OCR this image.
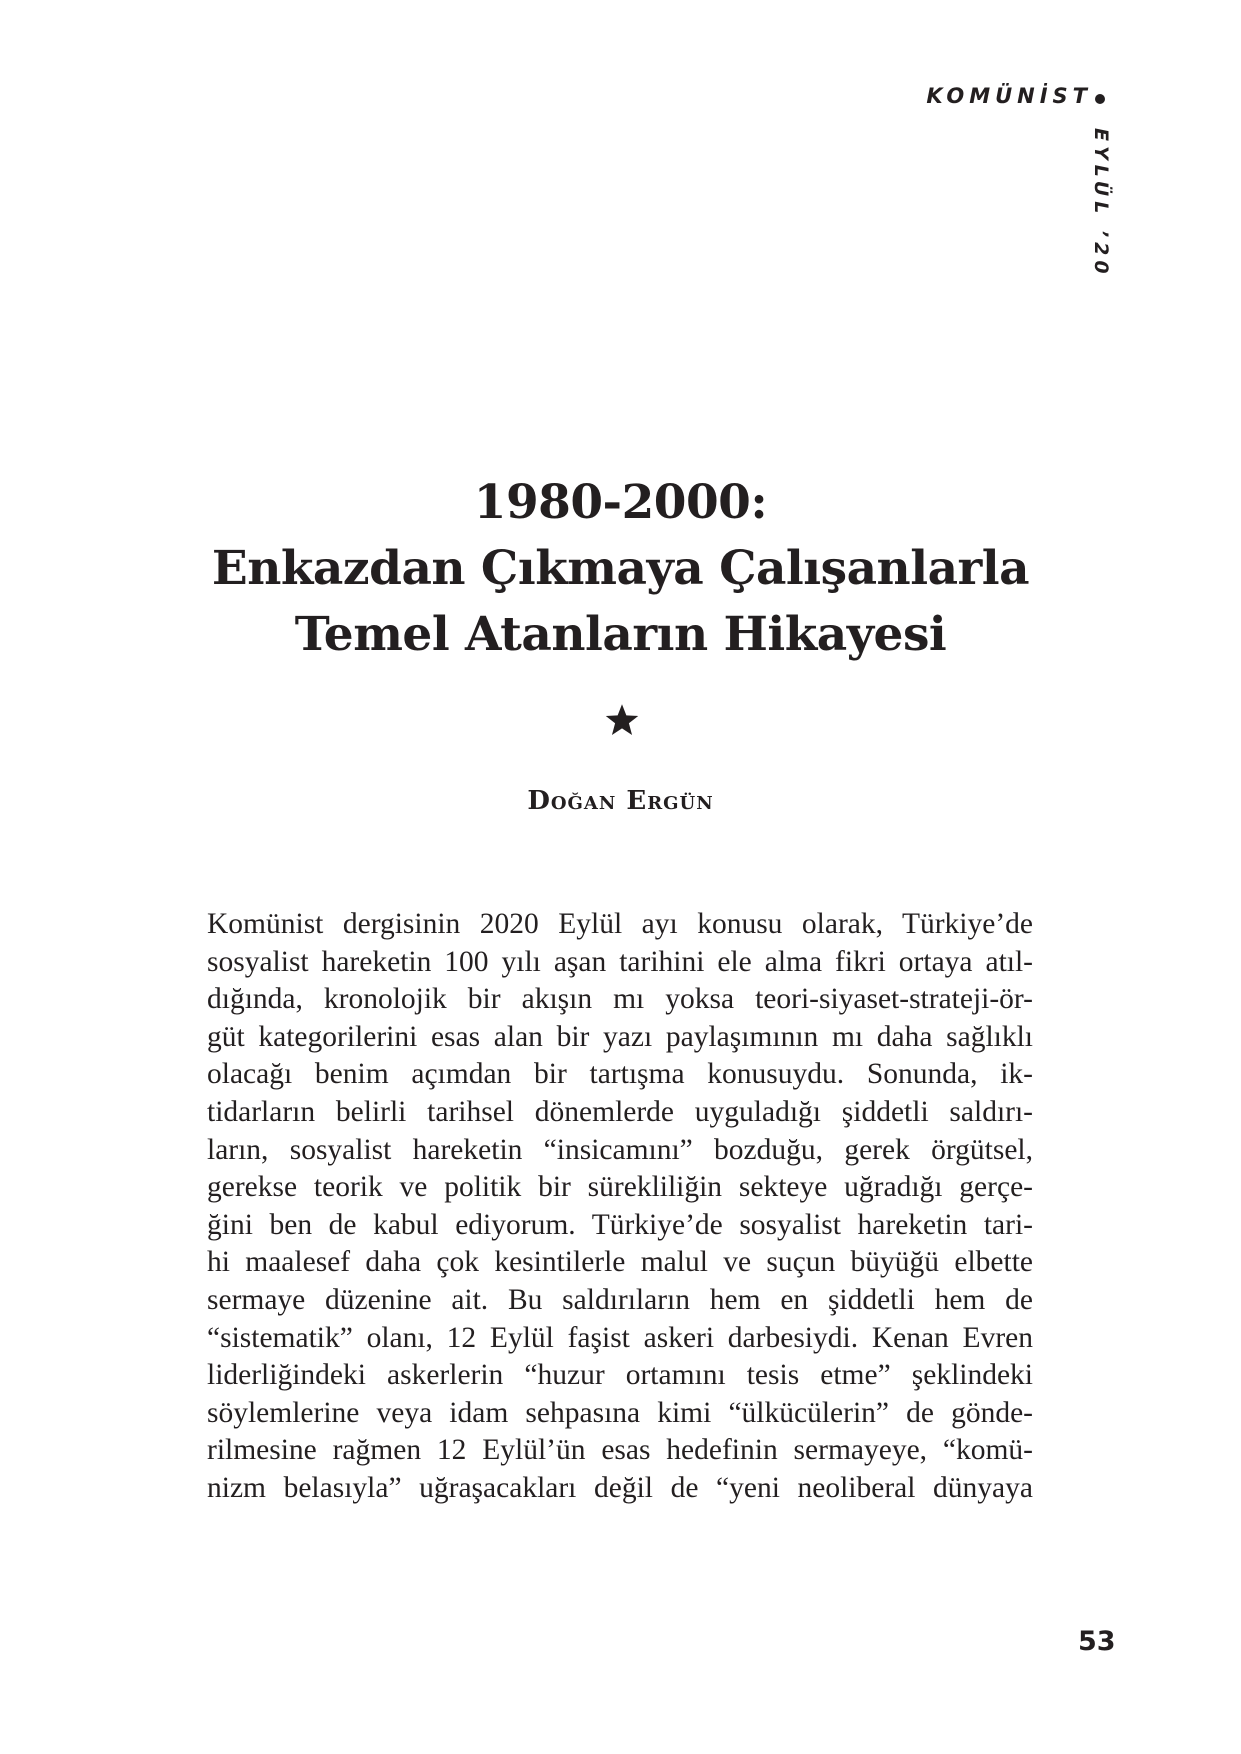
KOMÜNİST
EYLÜL ’20
1980-2000:
Enkazdan Çıkmaya Çalışanlarla
Temel Atanların Hikayesi
Doğan Ergün
Komünist dergisinin 2020 Eylül ayı konusu olarak, Türkiye’de
sosyalist hareketin 100 yılı aşan tarihini ele alma fikri ortaya atıl-
dığında, kronolojik bir akışın mı yoksa teori-siyaset-strateji-ör-
güt kategorilerini esas alan bir yazı paylaşımının mı daha sağlıklı
olacağı benim açımdan bir tartışma konusuydu. Sonunda, ik-
tidarların belirli tarihsel dönemlerde uyguladığı şiddetli saldırı-
ların, sosyalist hareketin “insicamını” bozduğu, gerek örgütsel,
gerekse teorik ve politik bir sürekliliğin sekteye uğradığı gerçe-
ğini ben de kabul ediyorum. Türkiye’de sosyalist hareketin tari-
hi maalesef daha çok kesintilerle malul ve suçun büyüğü elbette
sermaye düzenine ait. Bu saldırıların hem en şiddetli hem de
“sistematik” olanı, 12 Eylül faşist askeri darbesiydi. Kenan Evren
liderliğindeki askerlerin “huzur ortamını tesis etme” şeklindeki
söylemlerine veya idam sehpasına kimi “ülkücülerin” de gönde-
rilmesine rağmen 12 Eylül’ün esas hedefinin sermayeye, “komü-
nizm belasıyla” uğraşacakları değil de “yeni neoliberal dünyaya
53
